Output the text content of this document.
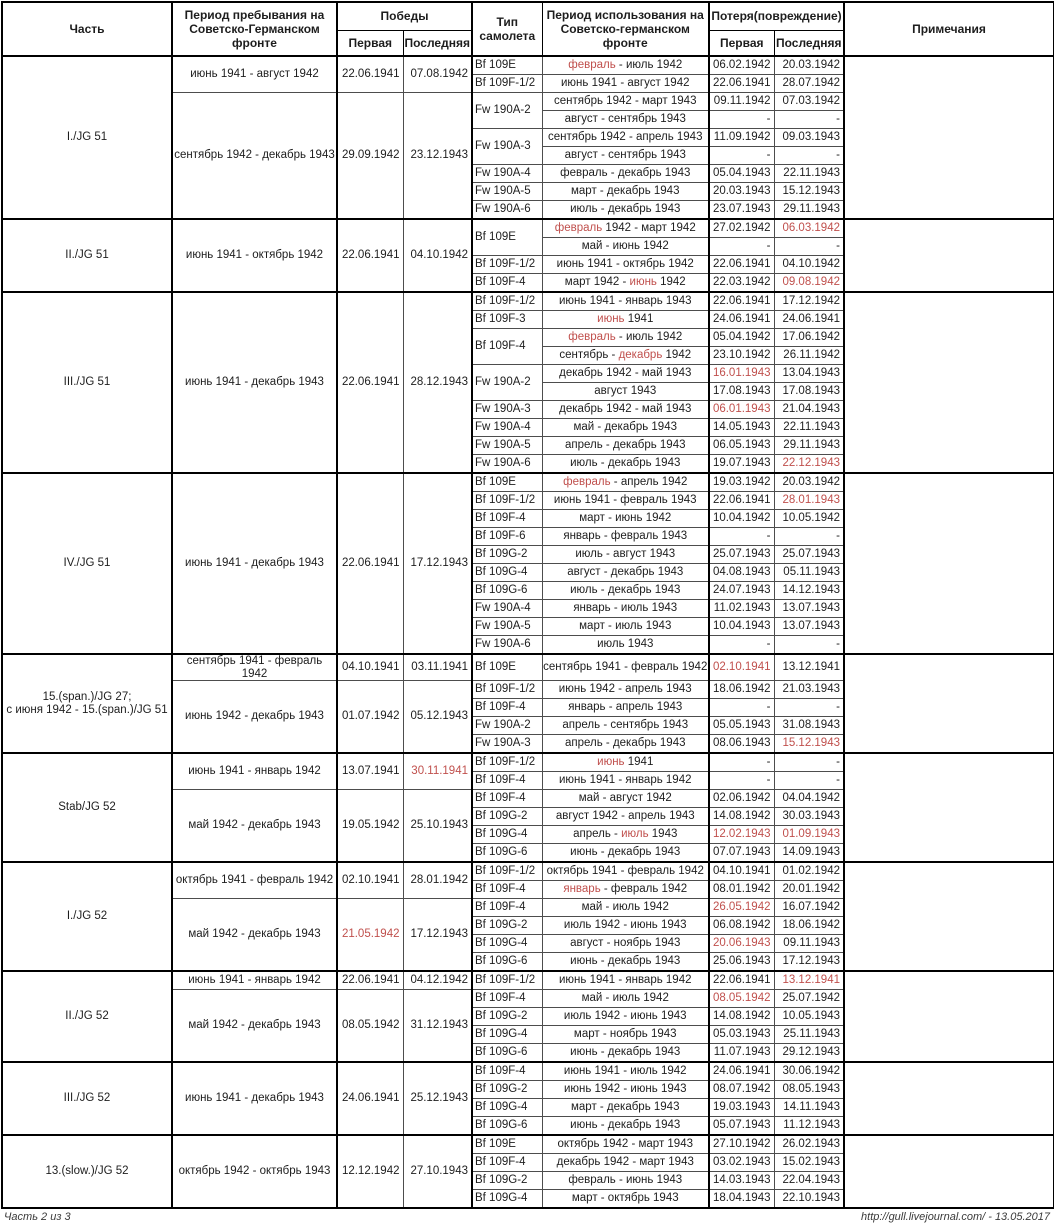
Часть	Период пребывания на Советско-Германском фронте	Победы		Тип самолета	Период использования на Советско-германском фронте	Потеря(повреждение)		Примечания
		Первая	Последняя			Первая	Последняя	
I./JG 51	июнь 1941 - август 1942	22.06.1941	07.08.1942	Bf 109E	февраль - июль 1942	06.02.1942	20.03.1942	
				Bf 109F-1/2	июнь 1941 - август 1942	22.06.1941	28.07.1942	
	сентябрь 1942 - декабрь 1943	29.09.1942	23.12.1943	Fw 190A-2	сентябрь 1942 - март 1943	09.11.1942	07.03.1942	
					август - сентябрь 1943	-	-	
				Fw 190A-3	сентябрь 1942 - апрель 1943	11.09.1942	09.03.1943	
					август - сентябрь 1943	-	-	
				Fw 190A-4	февраль - декабрь 1943	05.04.1943	22.11.1943	
				Fw 190A-5	март - декабрь 1943	20.03.1943	15.12.1943	
				Fw 190A-6	июль - декабрь 1943	23.07.1943	29.11.1943	
II./JG 51	июнь 1941 - октябрь 1942	22.06.1941	04.10.1942	Bf 109E	февраль 1942 - март 1942	27.02.1942	06.03.1942	
					май - июнь 1942	-	-	
				Bf 109F-1/2	июнь 1941 - октябрь 1942	22.06.1941	04.10.1942	
				Bf 109F-4	март 1942 - июнь 1942	22.03.1942	09.08.1942	
III./JG 51	июнь 1941 - декабрь 1943	22.06.1941	28.12.1943	Bf 109F-1/2	июнь 1941 - январь 1943	22.06.1941	17.12.1942	
				Bf 109F-3	июнь 1941	24.06.1941	24.06.1941	
				Bf 109F-4	февраль - июль 1942	05.04.1942	17.06.1942	
					сентябрь - декабрь 1942	23.10.1942	26.11.1942	
				Fw 190A-2	декабрь 1942 - май 1943	16.01.1943	13.04.1943	
					август 1943	17.08.1943	17.08.1943	
				Fw 190A-3	декабрь 1942 - май 1943	06.01.1943	21.04.1943	
				Fw 190A-4	май - декабрь 1943	14.05.1943	22.11.1943	
				Fw 190A-5	апрель - декабрь 1943	06.05.1943	29.11.1943	
				Fw 190A-6	июль - декабрь 1943	19.07.1943	22.12.1943	
IV./JG 51	июнь 1941 - декабрь 1943	22.06.1941	17.12.1943	Bf 109E	февраль - апрель 1942	19.03.1942	20.03.1942	
				Bf 109F-1/2	июнь 1941 - февраль 1943	22.06.1941	28.01.1943	
				Bf 109F-4	март - июнь 1942	10.04.1942	10.05.1942	
				Bf 109F-6	январь - февраль 1943	-	-	
				Bf 109G-2	июль - август 1943	25.07.1943	25.07.1943	
				Bf 109G-4	август - декабрь 1943	04.08.1943	05.11.1943	
				Bf 109G-6	июль - декабрь 1943	24.07.1943	14.12.1943	
				Fw 190A-4	январь - июль 1943	11.02.1943	13.07.1943	
				Fw 190A-5	март - июль 1943	10.04.1943	13.07.1943	
				Fw 190A-6	июль 1943	-	-	
15.(span.)/JG 27;
с июня 1942 - 15.(span.)/JG 51	сентябрь 1941 - февраль 1942	04.10.1941	03.11.1941	Bf 109E	сентябрь 1941 - февраль 1942	02.10.1941	13.12.1941	
	июнь 1942 - декабрь 1943	01.07.1942	05.12.1943	Bf 109F-1/2	июнь 1942 - апрель 1943	18.06.1942	21.03.1943	
				Bf 109F-4	январь - апрель 1943	-	-	
				Fw 190A-2	апрель - сентябрь 1943	05.05.1943	31.08.1943	
				Fw 190A-3	апрель - декабрь 1943	08.06.1943	15.12.1943	
Stab/JG 52	июнь 1941 - январь 1942	13.07.1941	30.11.1941	Bf 109F-1/2	июнь 1941	-	-	
				Bf 109F-4	июнь 1941 - январь 1942	-	-	
	май 1942 - декабрь 1943	19.05.1942	25.10.1943	Bf 109F-4	май - август 1942	02.06.1942	04.04.1942	
				Bf 109G-2	август 1942 - апрель 1943	14.08.1942	30.03.1943	
				Bf 109G-4	апрель - июль 1943	12.02.1943	01.09.1943	
				Bf 109G-6	июнь - декабрь 1943	07.07.1943	14.09.1943	
I./JG 52	октябрь 1941 - февраль 1942	02.10.1941	28.01.1942	Bf 109F-1/2	октябрь 1941 - февраль 1942	04.10.1941	01.02.1942	
				Bf 109F-4	январь - февраль 1942	08.01.1942	20.01.1942	
	май 1942 - декабрь 1943	21.05.1942	17.12.1943	Bf 109F-4	май - июль 1942	26.05.1942	16.07.1942	
				Bf 109G-2	июль 1942 - июнь 1943	06.08.1942	18.06.1942	
				Bf 109G-4	август - ноябрь 1943	20.06.1943	09.11.1943	
				Bf 109G-6	июнь - декабрь 1943	25.06.1943	17.12.1943	
II./JG 52	июнь 1941 - январь 1942	22.06.1941	04.12.1942	Bf 109F-1/2	июнь 1941 - январь 1942	22.06.1941	13.12.1941	
	май 1942 - декабрь 1943	08.05.1942	31.12.1943	Bf 109F-4	май - июль 1942	08.05.1942	25.07.1942	
				Bf 109G-2	июль 1942 - июнь 1943	14.08.1942	10.05.1943	
				Bf 109G-4	март - ноябрь 1943	05.03.1943	25.11.1943	
				Bf 109G-6	июнь - декабрь 1943	11.07.1943	29.12.1943	
III./JG 52	июнь 1941 - декабрь 1943	24.06.1941	25.12.1943	Bf 109F-4	июнь 1941 - июль 1942	24.06.1941	30.06.1942	
				Bf 109G-2	июнь 1942 - июнь 1943	08.07.1942	08.05.1943	
				Bf 109G-4	март - декабрь 1943	19.03.1943	14.11.1943	
				Bf 109G-6	июнь - декабрь 1943	05.07.1943	11.12.1943	
13.(slow.)/JG 52	октябрь 1942 - октябрь 1943	12.12.1942	27.10.1943	Bf 109E	октябрь 1942 - март 1943	27.10.1942	26.02.1943	
				Bf 109F-4	декабрь 1942 - март 1943	03.02.1943	15.02.1943	
				Bf 109G-2	февраль - июнь 1943	14.03.1943	22.04.1943	
				Bf 109G-4	март - октябрь 1943	18.04.1943	22.10.1943	
Часть 2 из 3	http://gull.livejournal.com/ - 13.05.2017
